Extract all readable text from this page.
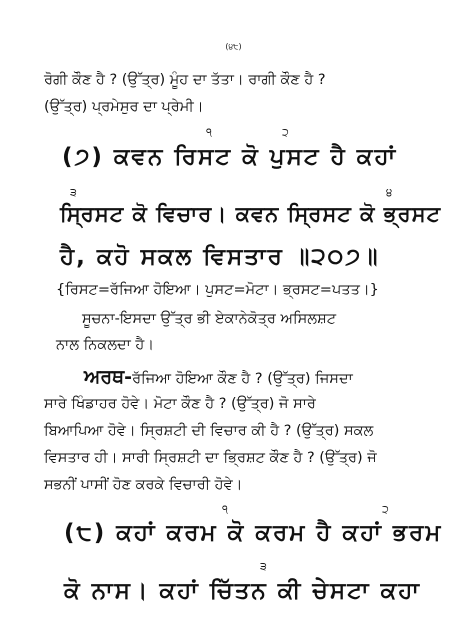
(੪੮)
ਰੋਗੀ ਕੌਣ ਹੈ ? (ਉੱਤ੍ਰ) ਮੂੰਹ ਦਾ ਤੱਤਾ। ਰਾਗੀ ਕੌਣ ਹੈ ?
(ਉੱਤ੍ਰ) ਪ੍ਰਮੇਸੁਰ ਦਾ ਪ੍ਰੇਮੀ।
੧	੨
(੭) ਕਵਨ ਰਿਸਟ ਕੋ ਪੁਸਟ ਹੈ ਕਹਾਂ
੩	੪
ਸ੍ਰਿਸਟ ਕੋ ਵਿਚਾਰ। ਕਵਨ ਸ੍ਰਿਸਟ ਕੋ ਭ੍ਰਸਟ
ਹੈ, ਕਹੋ ਸਕਲ ਵਿਸਤਾਰ ॥੨੦੭॥
{ਰਿਸਟ=ਰੱਜਿਆ ਹੋਇਆ। ਪੁਸਟ=ਮੋਟਾ। ਭ੍ਰਸਟ=ਪਤਤ।}
ਸੂਚਨਾ-ਇਸਦਾ ਉੱਤ੍ਰ ਭੀ ਏਕਾਨੇਕੋਤ੍ਰ ਅਸਿਲਸ਼ਟ
ਨਾਲ ਨਿਕਲਦਾ ਹੈ।
ਅਰਥ-ਰੱਜਿਆ ਹੋਇਆ ਕੌਣ ਹੈ ? (ਉੱਤ੍ਰ) ਜਿਸਦਾ
ਸਾਰੇ ਖਿੰਡਾਹਰ ਹੋਵੇ। ਮੋਟਾ ਕੌਣ ਹੈ ? (ਉੱਤ੍ਰ) ਜੋ ਸਾਰੇ
ਬਿਆਪਿਆ ਹੋਵੇ। ਸ੍ਰਿਸ਼ਟੀ ਦੀ ਵਿਚਾਰ ਕੀ ਹੈ ? (ਉੱਤ੍ਰ) ਸਕਲ
ਵਿਸਤਾਰ ਹੀ। ਸਾਰੀ ਸ੍ਰਿਸ਼ਟੀ ਦਾ ਭ੍ਰਿਸ਼ਟ ਕੌਣ ਹੈ ? (ਉੱਤ੍ਰ) ਜੋ
ਸਭਨੀਂ ਪਾਸੀਂ ਹੋਣ ਕਰਕੇ ਵਿਚਾਰੀ ਹੋਵੇ।
੧	੨
(੮) ਕਹਾਂ ਕਰਮ ਕੋ ਕਰਮ ਹੈ ਕਹਾਂ ਭਰਮ
੩
ਕੋ ਨਾਸ। ਕਹਾਂ ਚਿੱਤਨ ਕੀ ਚੇਸਟਾ ਕਹਾ
